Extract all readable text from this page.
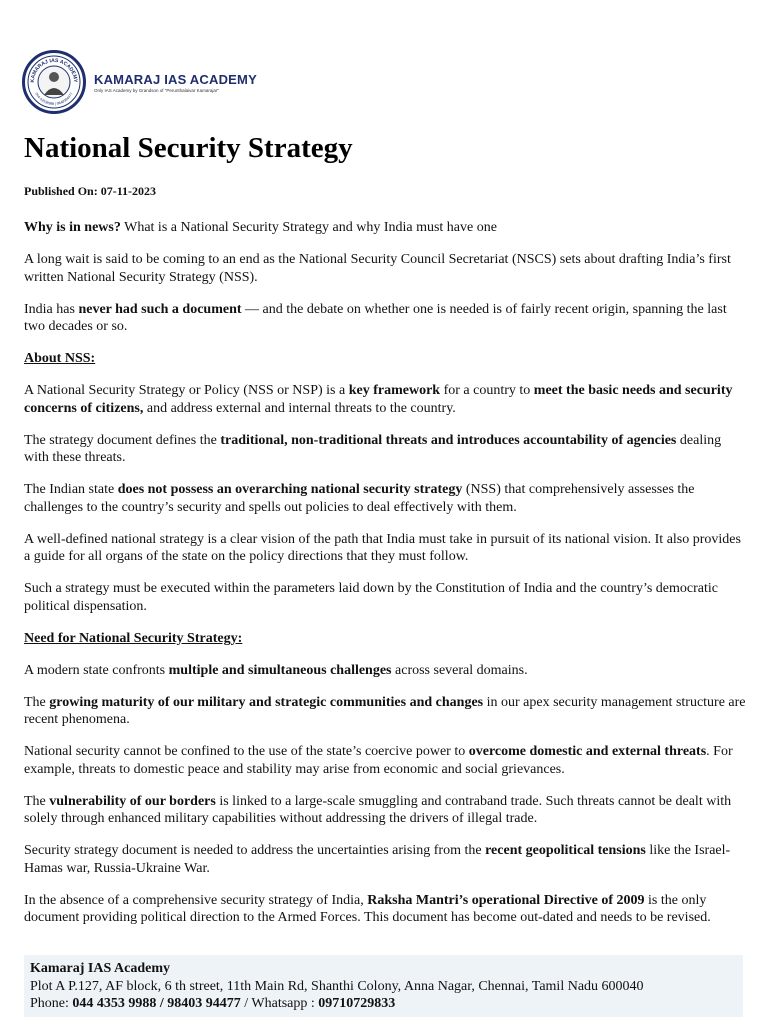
KAMARAJ IAS ACADEMY
044-43539988 | 9840394477
KAMARAJ IAS ACADEMY
Only IAS Academy by Grandson of "Perunthalaivar Kamarajar"
National Security Strategy
Published On: 07-11-2023

Why is in news? What is a National Security Strategy and why India must have one

A long wait is said to be coming to an end as the National Security Council Secretariat (NSCS) sets about drafting India’s first written National Security Strategy (NSS).

India has never had such a document — and the debate on whether one is needed is of fairly recent origin, spanning the last two decades or so.

About NSS:

A National Security Strategy or Policy (NSS or NSP) is a key framework for a country to meet the basic needs and security concerns of citizens, and address external and internal threats to the country.

The strategy document defines the traditional, non-traditional threats and introduces accountability of agencies dealing with these threats.

The Indian state does not possess an overarching national security strategy (NSS) that comprehensively assesses the challenges to the country’s security and spells out policies to deal effectively with them.

A well-defined national strategy is a clear vision of the path that India must take in pursuit of its national vision. It also provides a guide for all organs of the state on the policy directions that they must follow.

Such a strategy must be executed within the parameters laid down by the Constitution of India and the country’s democratic political dispensation.

Need for National Security Strategy:

A modern state confronts multiple and simultaneous challenges across several domains.

The growing maturity of our military and strategic communities and changes in our apex security management structure are recent phenomena.

National security cannot be confined to the use of the state’s coercive power to overcome domestic and external threats. For example, threats to domestic peace and stability may arise from economic and social grievances.

The vulnerability of our borders is linked to a large-scale smuggling and contraband trade. Such threats cannot be dealt with solely through enhanced military capabilities without addressing the drivers of illegal trade.

Security strategy document is needed to address the uncertainties arising from the recent geopolitical tensions like the Israel-Hamas war, Russia-Ukraine War.

In the absence of a comprehensive security strategy of India, Raksha Mantri’s operational Directive of 2009 is the only document providing political direction to the Armed Forces. This document has become out-dated and needs to be revised.

Kamaraj IAS Academy
Plot A P.127, AF block, 6 th street, 11th Main Rd, Shanthi Colony, Anna Nagar, Chennai, Tamil Nadu 600040
Phone: 044 4353 9988 / 98403 94477 / Whatsapp : 09710729833
